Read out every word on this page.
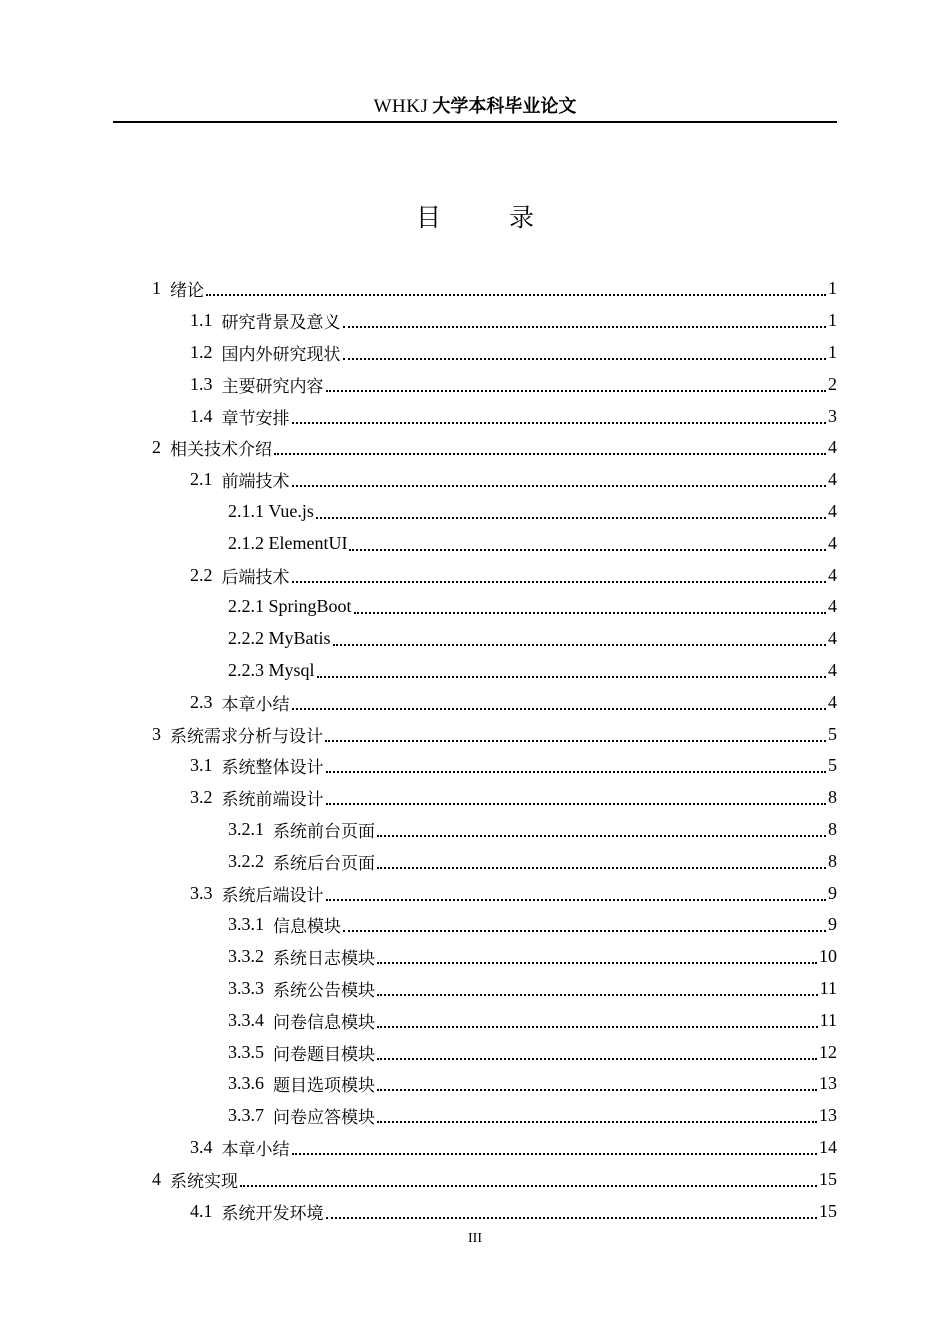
WHKJ 大学本科毕业论文
目 录
1 绪论	1
1.1 研究背景及意义	1
1.2 国内外研究现状	1
1.3 主要研究内容	2
1.4 章节安排	3
2 相关技术介绍	4
2.1 前端技术	4
2.1.1 Vue.js	4
2.1.2 ElementUI	4
2.2 后端技术	4
2.2.1 SpringBoot	4
2.2.2 MyBatis	4
2.2.3 Mysql	4
2.3 本章小结	4
3 系统需求分析与设计	5
3.1 系统整体设计	5
3.2 系统前端设计	8
3.2.1 系统前台页面	8
3.2.2 系统后台页面	8
3.3 系统后端设计	9
3.3.1 信息模块	9
3.3.2 系统日志模块	10
3.3.3 系统公告模块	11
3.3.4 问卷信息模块	11
3.3.5 问卷题目模块	12
3.3.6 题目选项模块	13
3.3.7 问卷应答模块	13
3.4 本章小结	14
4 系统实现	15
4.1 系统开发环境	15
III
